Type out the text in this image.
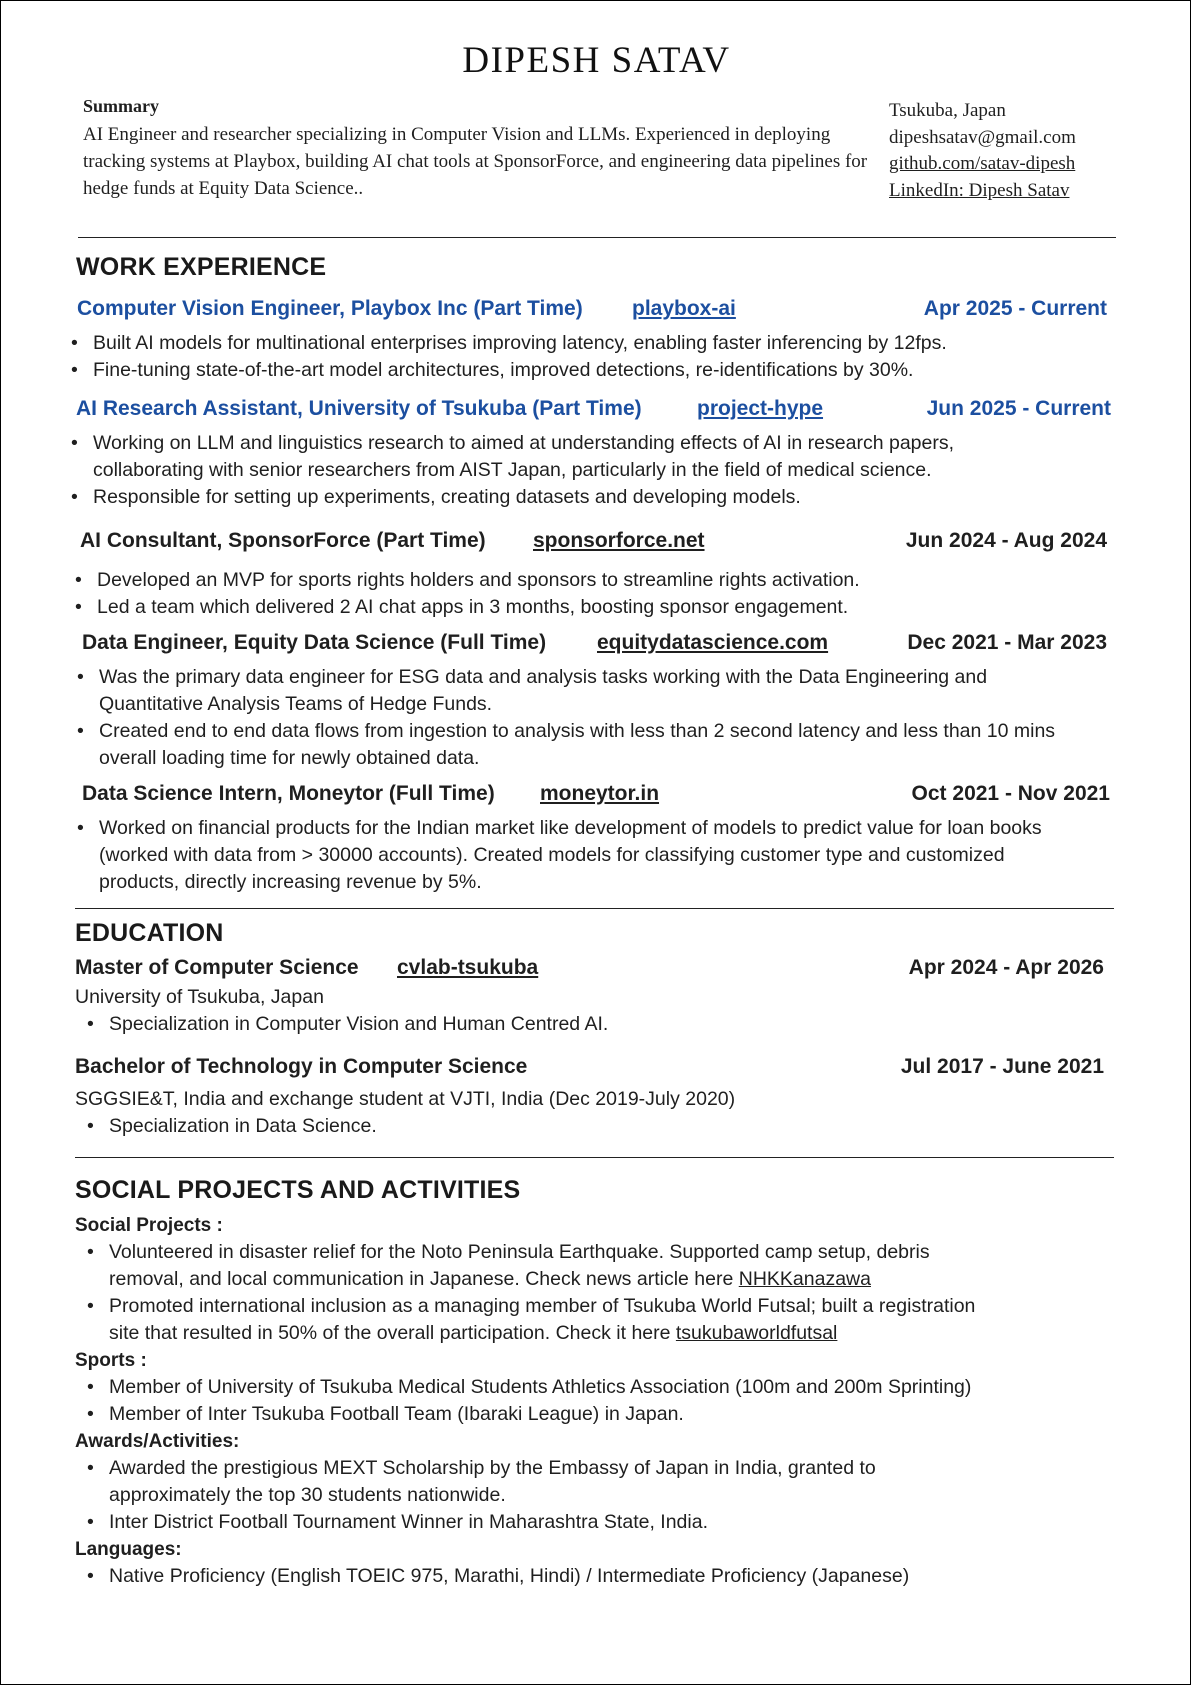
DIPESH SATAV
Summary
AI Engineer and researcher specializing in Computer Vision and LLMs. Experienced in deploying tracking systems at Playbox, building AI chat tools at SponsorForce, and engineering data pipelines for hedge funds at Equity Data Science..
Tsukuba, Japan
dipeshsatav@gmail.com
github.com/satav-dipesh
LinkedIn: Dipesh Satav
WORK EXPERIENCE
Computer Vision Engineer, Playbox Inc (Part Time) playbox-ai	Apr 2025 - Current
• Built AI models for multinational enterprises improving latency, enabling faster inferencing by 12fps.
• Fine-tuning state-of-the-art model architectures, improved detections, re-identifications by 30%.
AI Research Assistant, University of Tsukuba (Part Time)	project-hype	Jun 2025 - Current
• Working on LLM and linguistics research to aimed at understanding effects of AI in research papers, collaborating with senior researchers from AIST Japan, particularly in the field of medical science.
• Responsible for setting up experiments, creating datasets and developing models.
AI Consultant, SponsorForce (Part Time) sponsorforce.net	Jun 2024 - Aug 2024
• Developed an MVP for sports rights holders and sponsors to streamline rights activation.
• Led a team which delivered 2 AI chat apps in 3 months, boosting sponsor engagement.
Data Engineer, Equity Data Science (Full Time) equitydatascience.com	Dec 2021 - Mar 2023
• Was the primary data engineer for ESG data and analysis tasks working with the Data Engineering and Quantitative Analysis Teams of Hedge Funds.
• Created end to end data flows from ingestion to analysis with less than 2 second latency and less than 10 mins overall loading time for newly obtained data.
Data Science Intern, Moneytor (Full Time) moneytor.in	Oct 2021 - Nov 2021
• Worked on financial products for the Indian market like development of models to predict value for loan books (worked with data from > 30000 accounts). Created models for classifying customer type and customized products, directly increasing revenue by 5%.
EDUCATION
Master of Computer Science cvlab-tsukuba	Apr 2024 - Apr 2026
University of Tsukuba, Japan
• Specialization in Computer Vision and Human Centred AI.
Bachelor of Technology in Computer Science	Jul 2017 - June 2021
SGGSIE&T, India and exchange student at VJTI, India (Dec 2019-July 2020)
• Specialization in Data Science.
SOCIAL PROJECTS AND ACTIVITIES
Social Projects :
• Volunteered in disaster relief for the Noto Peninsula Earthquake. Supported camp setup, debris
removal, and local communication in Japanese. Check news article here NHKKanazawa
• Promoted international inclusion as a managing member of Tsukuba World Futsal; built a registration
site that resulted in 50% of the overall participation. Check it here tsukubaworldfutsal
Sports :
• Member of University of Tsukuba Medical Students Athletics Association (100m and 200m Sprinting)
• Member of Inter Tsukuba Football Team (Ibaraki League) in Japan.
Awards/Activities:
• Awarded the prestigious MEXT Scholarship by the Embassy of Japan in India, granted to approximately the top 30 students nationwide.
• Inter District Football Tournament Winner in Maharashtra State, India.
Languages:
• Native Proficiency (English TOEIC 975, Marathi, Hindi) / Intermediate Proficiency (Japanese)
